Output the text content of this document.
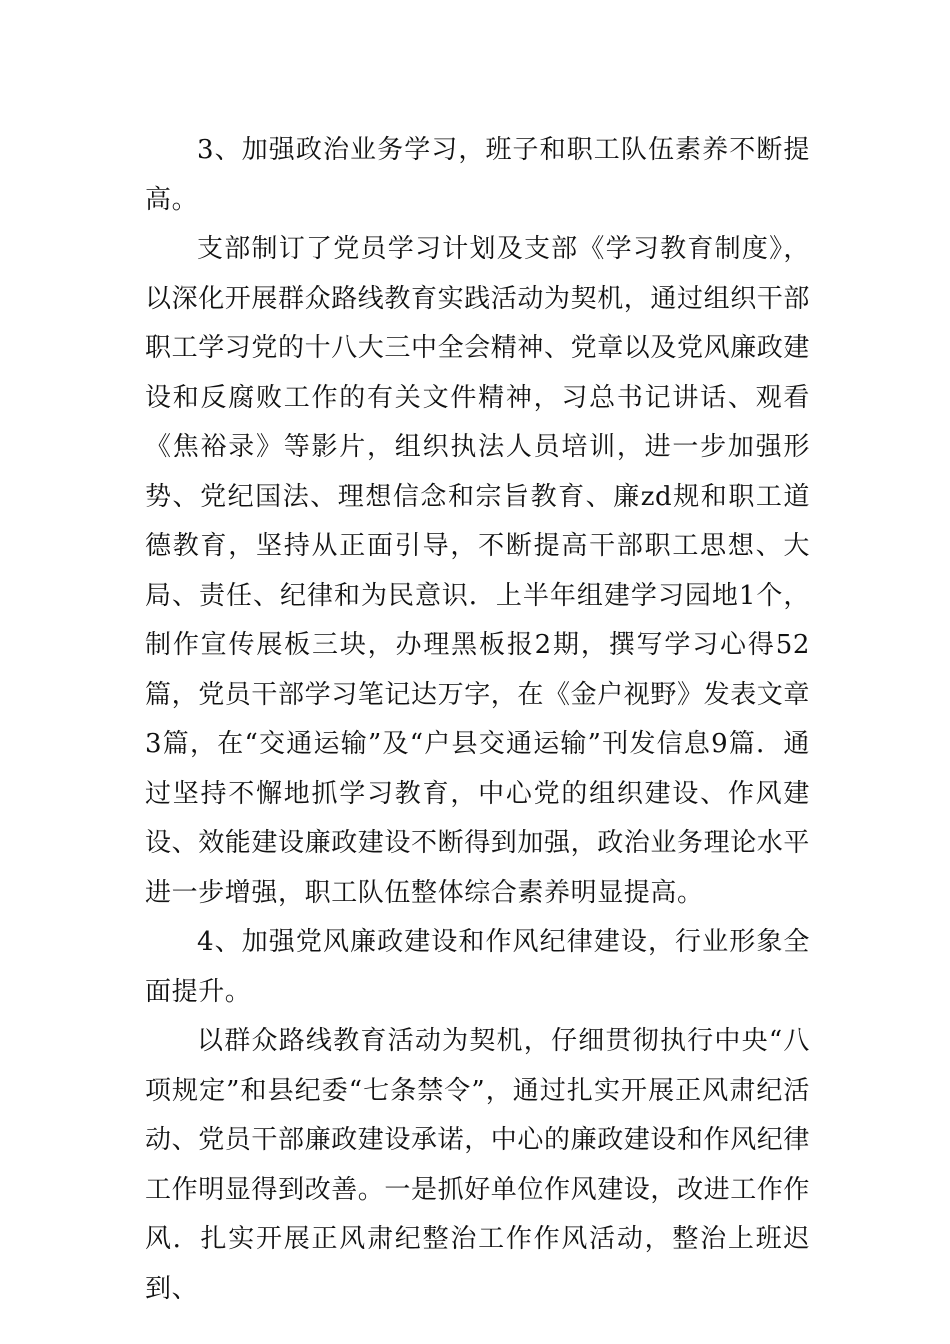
3、加强政治业务学习，班子和职工队伍素养不断提高。

支部制订了党员学习计划及支部《学习教育制度》，以深化开展群众路线教育实践活动为契机，通过组织干部职工学习党的十八大三中全会精神、党章以及党风廉政建设和反腐败工作的有关文件精神，习总书记讲话、观看《焦裕录》等影片，组织执法人员培训，进一步加强形势、党纪国法、理想信念和宗旨教育、廉zd规和职工道德教育，坚持从正面引导，不断提高干部职工思想、大局、责任、纪律和为民意识．上半年组建学习园地1个，制作宣传展板三块，办理黑板报2期，撰写学习心得52篇，党员干部学习笔记达万字，在《金户视野》发表文章3篇，在“交通运输”及“户县交通运输”刊发信息9篇．通过坚持不懈地抓学习教育，中心党的组织建设、作风建设、效能建设廉政建设不断得到加强，政治业务理论水平进一步增强，职工队伍整体综合素养明显提高。

4、加强党风廉政建设和作风纪律建设，行业形象全面提升。

以群众路线教育活动为契机，仔细贯彻执行中央“八项规定”和县纪委“七条禁令”，通过扎实开展正风肃纪活动、党员干部廉政建设承诺，中心的廉政建设和作风纪律工作明显得到改善。一是抓好单位作风建设，改进工作作风．扎实开展正风肃纪整治工作作风活动，整治上班迟到、
